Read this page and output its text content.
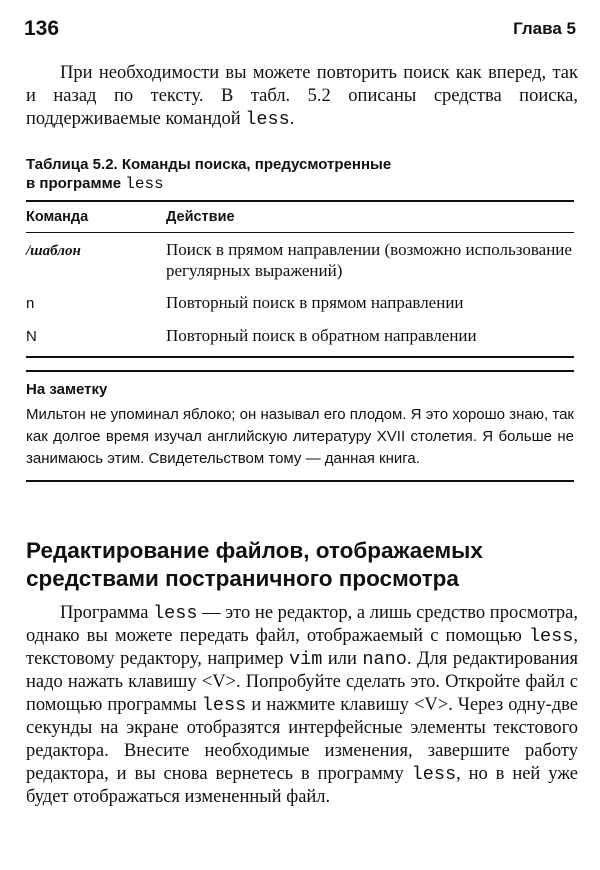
136	Глава 5

При необходимости вы можете повторить поиск как вперед, так и назад по тексту. В табл. 5.2 описаны средства поиска, поддерживаемые командой less.

Таблица 5.2. Команды поиска, предусмотренные
в программе less
Команда	Действие
/шаблон	Поиск в прямом направлении (возможно использование регулярных выражений)
n	Повторный поиск в прямом направлении
N	Повторный поиск в обратном направлении
На заметку
Мильтон не упоминал яблоко; он называл его плодом. Я это хорошо знаю, так как долгое время изучал английскую литературу XVII столетия. Я больше не занимаюсь этим. Свидетельством тому — данная книга.
Редактирование файлов, отображаемых
средствами постраничного просмотра

Программа less — это не редактор, а лишь средство просмотра, однако вы можете передать файл, отображаемый с помощью less, текстовому редактору, например vim или nano. Для редактирования надо нажать клавишу <V>. Попробуйте сделать это. Откройте файл с помощью программы less и нажмите клавишу <V>. Через одну-две секунды на экране отобразятся интерфейсные элементы текстового редактора. Внесите необходимые изменения, завершите работу редактора, и вы снова вернетесь в программу less, но в ней уже будет отображаться измененный файл.
